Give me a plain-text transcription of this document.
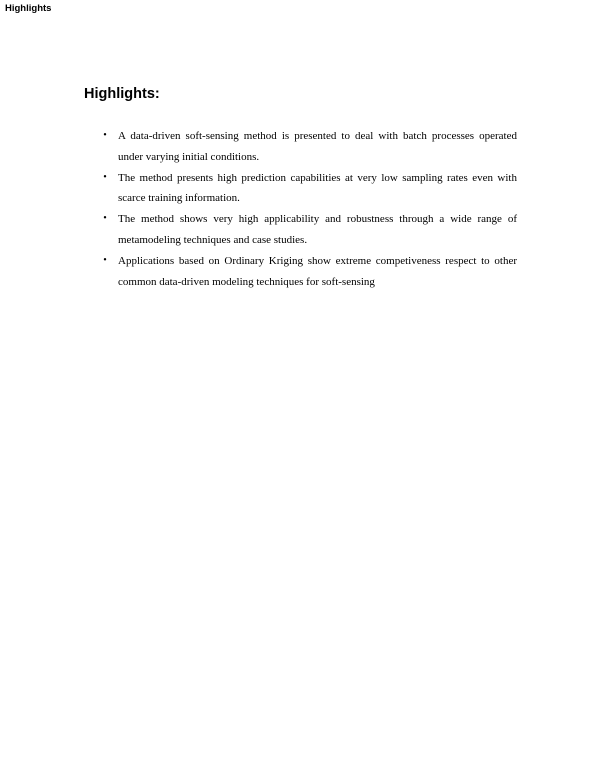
Highlights
Highlights:
• A data-driven soft-sensing method is presented to deal with batch processes operated under varying initial conditions.
• The method presents high prediction capabilities at very low sampling rates even with scarce training information.
• The method shows very high applicability and robustness through a wide range of metamodeling techniques and case studies.
• Applications based on Ordinary Kriging show extreme competiveness respect to other common data-driven modeling techniques for soft-sensing
